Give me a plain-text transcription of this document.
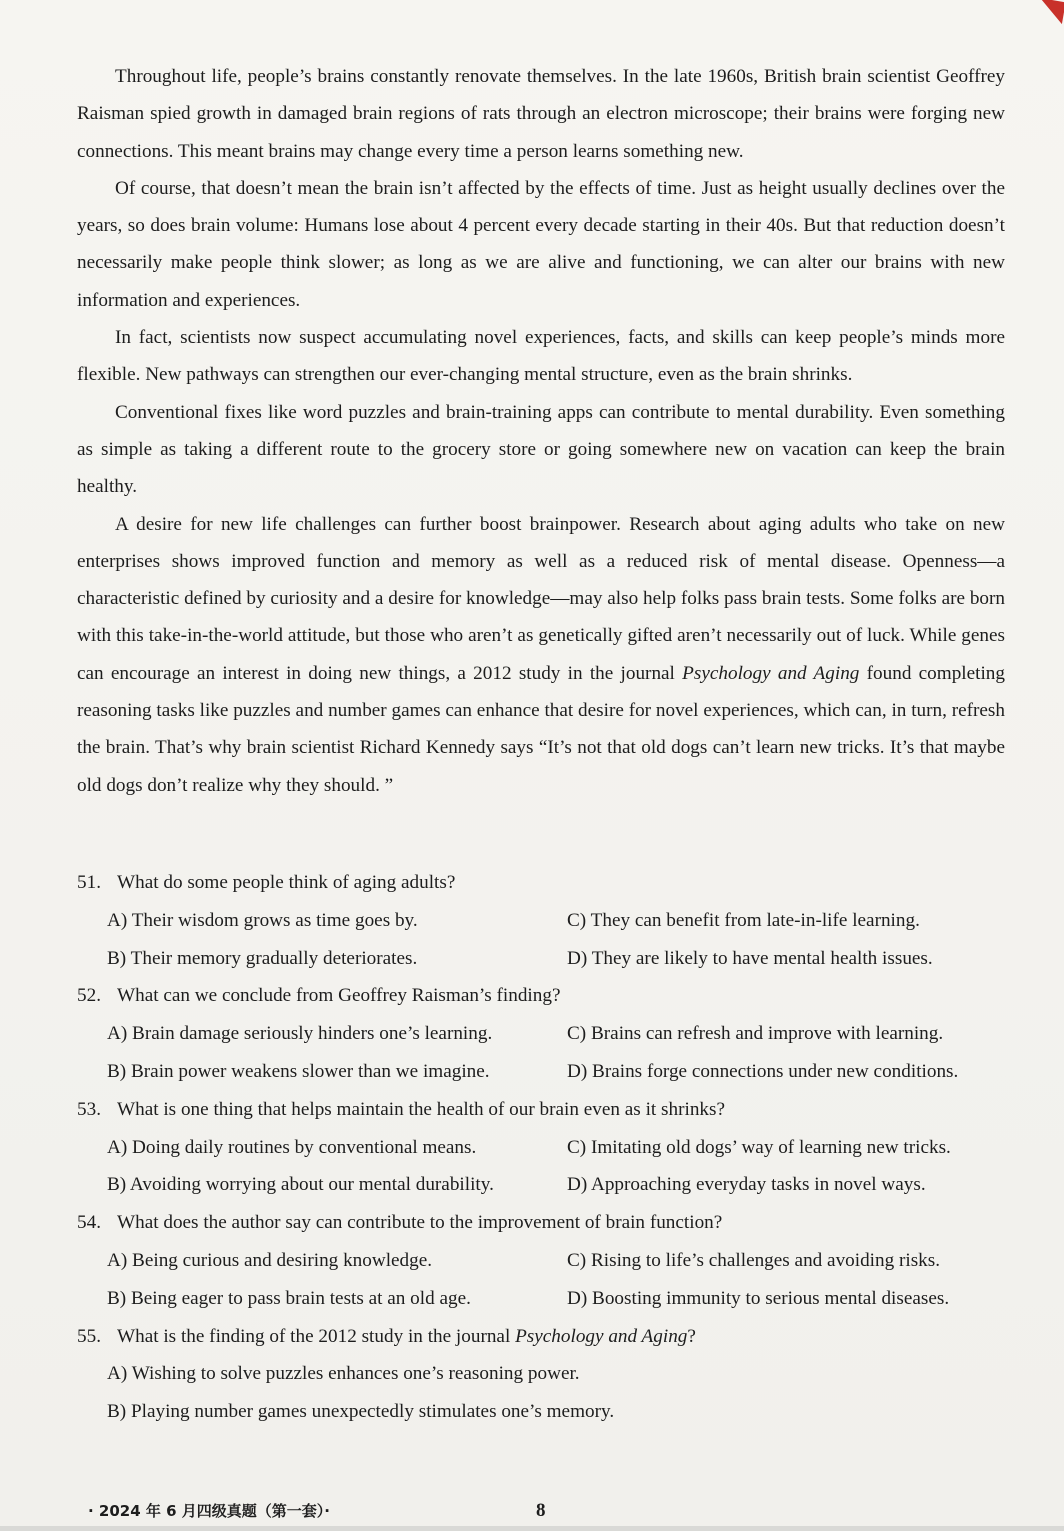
Throughout life, people’s brains constantly renovate themselves. In the late 1960s, British brain scientist Geoffrey Raisman spied growth in damaged brain regions of rats through an electron microscope; their brains were forging new connections. This meant brains may change every time a person learns something new.

Of course, that doesn’t mean the brain isn’t affected by the effects of time. Just as height usually declines over the years, so does brain volume: Humans lose about 4 percent every decade starting in their 40s. But that reduction doesn’t necessarily make people think slower; as long as we are alive and functioning, we can alter our brains with new information and experiences.

In fact, scientists now suspect accumulating novel experiences, facts, and skills can keep people’s minds more flexible. New pathways can strengthen our ever-changing mental structure, even as the brain shrinks.

Conventional fixes like word puzzles and brain-training apps can contribute to mental durability. Even something as simple as taking a different route to the grocery store or going somewhere new on vacation can keep the brain healthy.

A desire for new life challenges can further boost brainpower. Research about aging adults who take on new enterprises shows improved function and memory as well as a reduced risk of mental disease. Openness—a characteristic defined by curiosity and a desire for knowledge—may also help folks pass brain tests. Some folks are born with this take-in-the-world attitude, but those who aren’t as genetically gifted aren’t necessarily out of luck. While genes can encourage an interest in doing new things, a 2012 study in the journal Psychology and Aging found completing reasoning tasks like puzzles and number games can enhance that desire for novel experiences, which can, in turn, refresh the brain. That’s why brain scientist Richard Kennedy says “It’s not that old dogs can’t learn new tricks. It’s that maybe old dogs don’t realize why they should. ”

51. What do some people think of aging adults?
A) Their wisdom grows as time goes by.	C) They can benefit from late-in-life learning.
B) Their memory gradually deteriorates.	D) They are likely to have mental health issues.
52. What can we conclude from Geoffrey Raisman’s finding?
A) Brain damage seriously hinders one’s learning.	C) Brains can refresh and improve with learning.
B) Brain power weakens slower than we imagine.	D) Brains forge connections under new conditions.
53. What is one thing that helps maintain the health of our brain even as it shrinks?
A) Doing daily routines by conventional means.	C) Imitating old dogs’ way of learning new tricks.
B) Avoiding worrying about our mental durability.	D) Approaching everyday tasks in novel ways.
54. What does the author say can contribute to the improvement of brain function?
A) Being curious and desiring knowledge.	C) Rising to life’s challenges and avoiding risks.
B) Being eager to pass brain tests at an old age.	D) Boosting immunity to serious mental diseases.
55. What is the finding of the 2012 study in the journal Psychology and Aging?
A) Wishing to solve puzzles enhances one’s reasoning power.
B) Playing number games unexpectedly stimulates one’s memory.
· 2024 年 6 月四级真题（第一套）·	8
